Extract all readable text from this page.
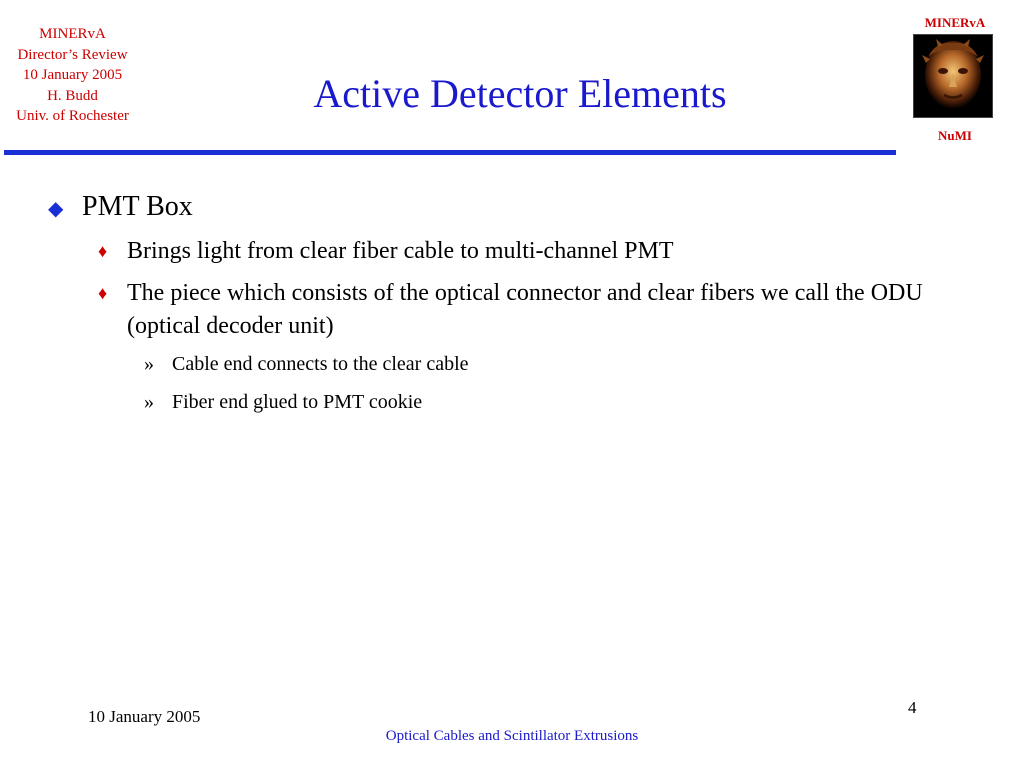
MINERvA
Director’s Review
10 January 2005
H. Budd
Univ. of Rochester	Active Detector Elements
MINERvA
NuMI
◆ PMT Box
♦ Brings light from clear fiber cable to multi-channel PMT
♦ The piece which consists of the optical connector and clear fibers we call the ODU (optical decoder unit)
» Cable end connects to the clear cable
» Fiber end glued to PMT cookie
10 January 2005	4
Optical Cables and Scintillator Extrusions
